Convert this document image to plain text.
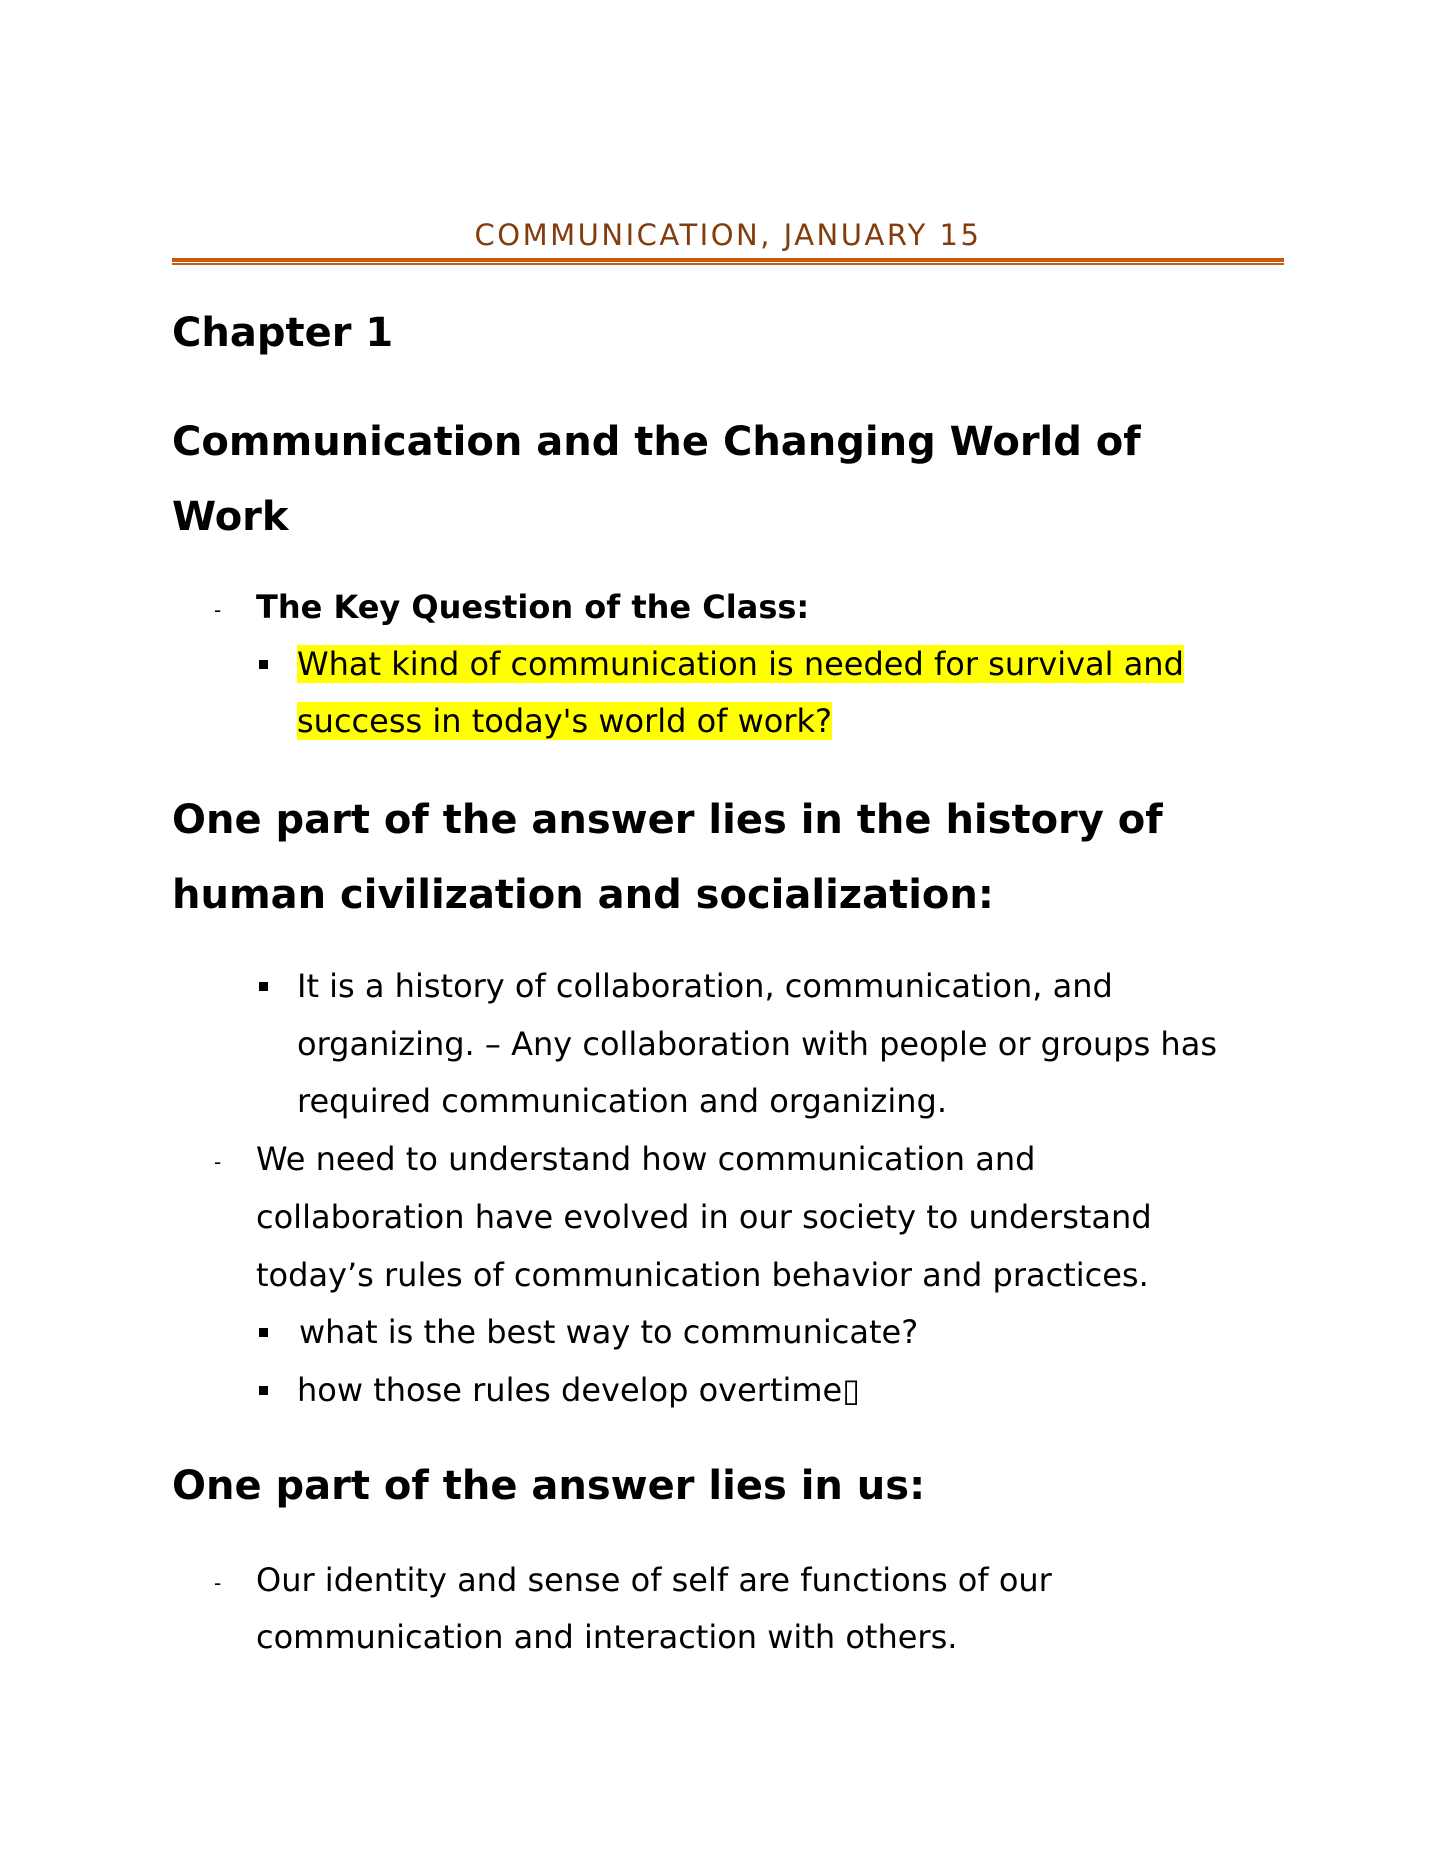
COMMUNICATION, JANUARY 15
Chapter 1
Communication and the Changing World of
Work
- The Key Question of the Class:
What kind of communication is needed for survival and
success in today's world of work?
One part of the answer lies in the history of
human civilization and socialization:
It is a history of collaboration, communication, and
organizing. – Any collaboration with people or groups has
required communication and organizing.
- We need to understand how communication and
collaboration have evolved in our society to understand
today’s rules of communication behavior and practices.
what is the best way to communicate?
how those rules develop overtime▯
One part of the answer lies in us:
- Our identity and sense of self are functions of our
communication and interaction with others.
